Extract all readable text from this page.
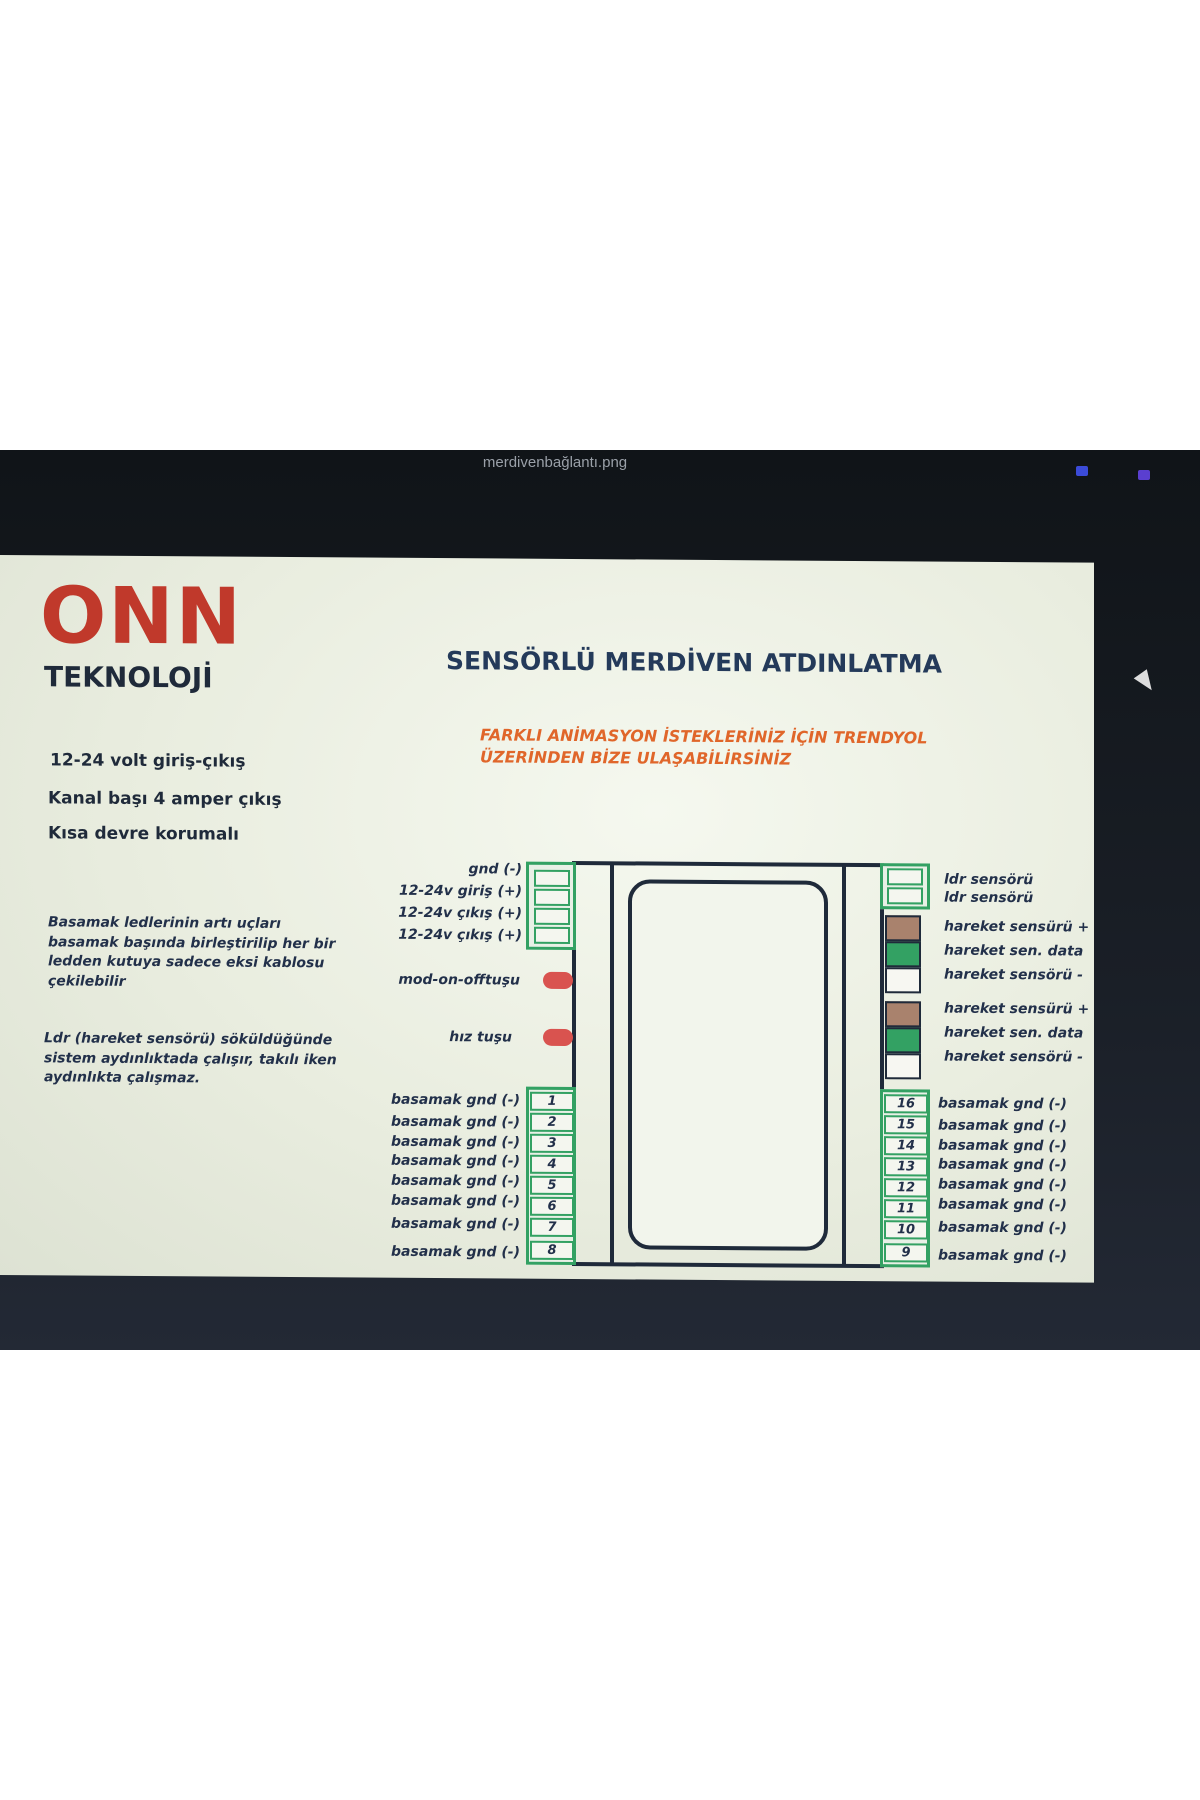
merdivenbağlantı.png
ONN
TEKNOLOJİ	SENSÖRLÜ MERDİVEN ATDINLATMA
FARKLI ANİMASYON İSTEKLERİNİZ İÇİN TRENDYOL
ÜZERİNDEN BİZE ULAŞABİLİRSİNİZ
12-24 volt giriş-çıkış
Kanal başı 4 amper çıkış
Kısa devre korumalı
Basamak ledlerinin artı uçları basamak başında birleştirilip her bir ledden kutuya sadece eksi kablosu çekilebilir
Ldr (hareket sensörü) söküldüğünde sistem aydınlıktada çalışır, takılı iken aydınlıkta çalışmaz.
gnd (-)
12-24v giriş (+)
12-24v çıkış (+)
12-24v çıkış (+)
mod-on-offtuşu
hız tuşu
ldr sensörü
ldr sensörü
hareket sensürü +
hareket sen. data
hareket sensörü -
hareket sensürü +
hareket sen. data
hareket sensörü -
1
2
3
4
5
6
7
8
basamak gnd (-)
basamak gnd (-)
basamak gnd (-)
basamak gnd (-)
basamak gnd (-)
basamak gnd (-)
basamak gnd (-)
basamak gnd (-)
16
15
14
13
12
11
10
9
basamak gnd (-)
basamak gnd (-)
basamak gnd (-)
basamak gnd (-)
basamak gnd (-)
basamak gnd (-)
basamak gnd (-)
basamak gnd (-)
